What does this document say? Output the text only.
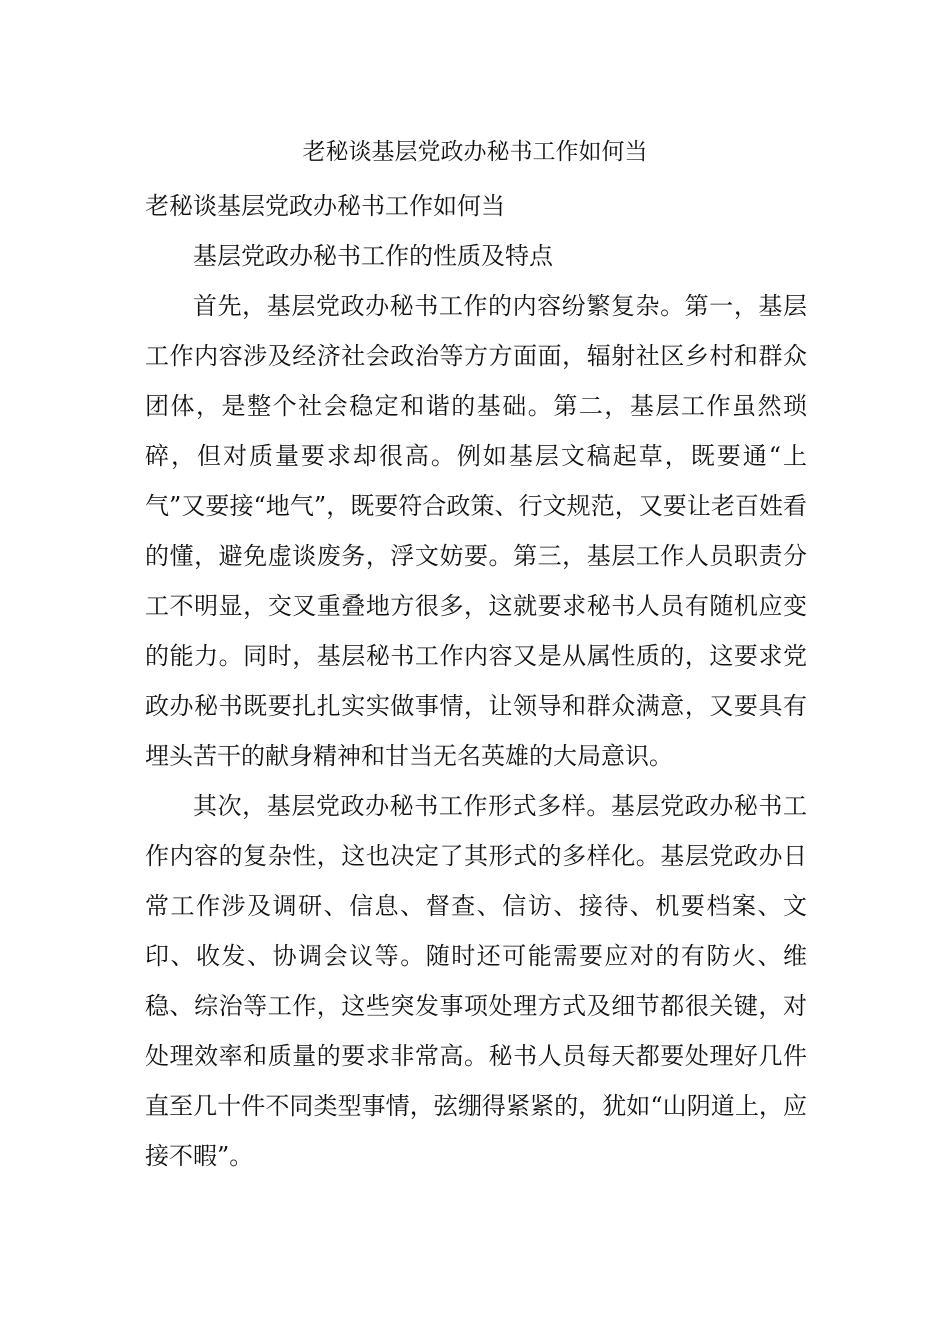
老秘谈基层党政办秘书工作如何当

老秘谈基层党政办秘书工作如何当

基层党政办秘书工作的性质及特点

首先，基层党政办秘书工作的内容纷繁复杂。第一，基层工作内容涉及经济社会政治等方方面面，辐射社区乡村和群众团体，是整个社会稳定和谐的基础。第二，基层工作虽然琐碎，但对质量要求却很高。例如基层文稿起草，既要通“上气”又要接“地气”，既要符合政策、行文规范，又要让老百姓看的懂，避免虚谈废务，浮文妨要。第三，基层工作人员职责分工不明显，交叉重叠地方很多，这就要求秘书人员有随机应变的能力。同时，基层秘书工作内容又是从属性质的，这要求党政办秘书既要扎扎实实做事情，让领导和群众满意，又要具有埋头苦干的献身精神和甘当无名英雄的大局意识。

其次，基层党政办秘书工作形式多样。基层党政办秘书工作内容的复杂性，这也决定了其形式的多样化。基层党政办日常工作涉及调研、信息、督查、信访、接待、机要档案、文印、收发、协调会议等。随时还可能需要应对的有防火、维稳、综治等工作，这些突发事项处理方式及细节都很关键，对处理效率和质量的要求非常高。秘书人员每天都要处理好几件直至几十件不同类型事情，弦绷得紧紧的，犹如“山阴道上，应接不暇”。
